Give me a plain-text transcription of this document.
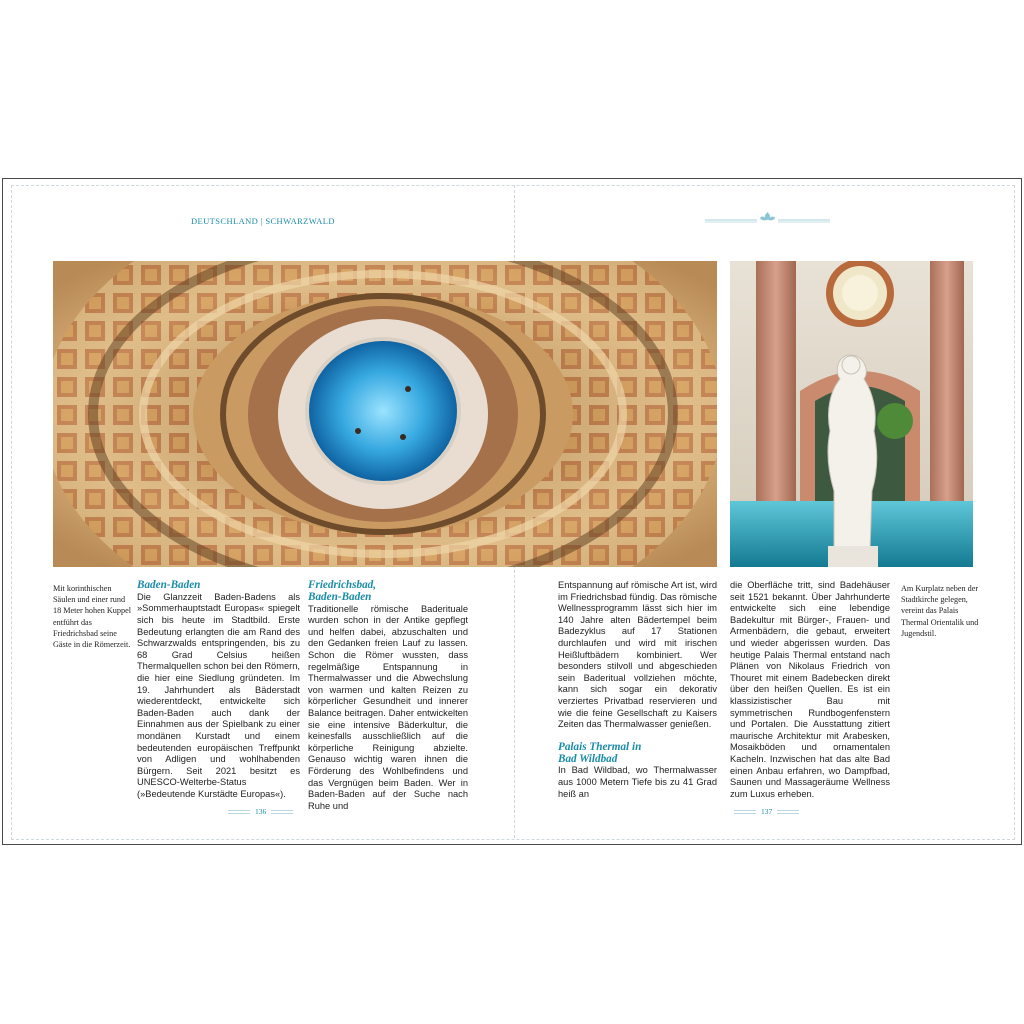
DEUTSCHLAND | SCHWARZWALD

Mit korinthischen Säulen und einer rund 18 Meter hohen Kuppel entführt das Friedrichsbad seine Gäste in die Römerzeit.

Baden-Baden

Die Glanzzeit Baden-Badens als »Sommerhauptstadt Europas« spiegelt sich bis heute im Stadtbild. Erste Bedeutung erlangten die am Rand des Schwarzwalds entspringenden, bis zu 68 Grad Celsius heißen Thermalquellen schon bei den Römern, die hier eine Siedlung gründeten. Im 19. Jahrhundert als Bäderstadt wiederentdeckt, entwickelte sich Baden-Baden auch dank der Einnahmen aus der Spielbank zu einer mondänen Kurstadt und einem bedeutenden europäischen Treffpunkt von Adligen und wohlhabenden Bürgern. Seit 2021 besitzt es UNESCO-Welterbe-Status (»Bedeutende Kurstädte Europas«).

Friedrichsbad,
Baden-Baden

Traditionelle römische Baderituale wurden schon in der Antike gepflegt und helfen dabei, abzuschalten und den Gedanken freien Lauf zu lassen. Schon die Römer wussten, dass regelmäßige Entspannung in Thermalwasser und die Abwechslung von warmen und kalten Reizen zu körperlicher Gesundheit und innerer Balance beitragen. Daher entwickelten sie eine intensive Bäderkultur, die keinesfalls ausschließlich auf die körperliche Reinigung abzielte. Genauso wichtig waren ihnen die Förderung des Wohlbefindens und das Vergnügen beim Baden. Wer in Baden-Baden auf der Suche nach Ruhe und

Entspannung auf römische Art ist, wird im Friedrichsbad fündig. Das römische Wellnessprogramm lässt sich hier im 140 Jahre alten Bädertempel beim Badezyklus auf 17 Stationen durchlaufen und wird mit irischen Heißluftbädern kombiniert. Wer besonders stilvoll und abgeschieden sein Baderitual vollziehen möchte, kann sich sogar ein dekorativ verziertes Privatbad reservieren und wie die feine Gesellschaft zu Kaisers Zeiten das Thermalwasser genießen.

Palais Thermal in
Bad Wildbad

In Bad Wildbad, wo Thermalwasser aus 1000 Metern Tiefe bis zu 41 Grad heiß an

die Oberfläche tritt, sind Badehäuser seit 1521 bekannt. Über Jahrhunderte entwickelte sich eine lebendige Badekultur mit Bürger-, Frauen- und Armenbädern, die gebaut, erweitert und wieder abgerissen wurden. Das heutige Palais Thermal entstand nach Plänen von Nikolaus Friedrich von Thouret mit einem Badebecken direkt über den heißen Quellen. Es ist ein klassizistischer Bau mit symmetrischen Rundbogenfenstern und Portalen. Die Ausstattung zitiert maurische Architektur mit Arabesken, Mosaikböden und ornamentalen Kacheln. Inzwischen hat das alte Bad einen Anbau erfahren, wo Dampfbad, Saunen und Massageräume Wellness zum Luxus erheben.

Am Kurplatz neben der Stadtkirche gelegen, vereint das Palais Thermal Orientalik und Jugendstil.

136	137
